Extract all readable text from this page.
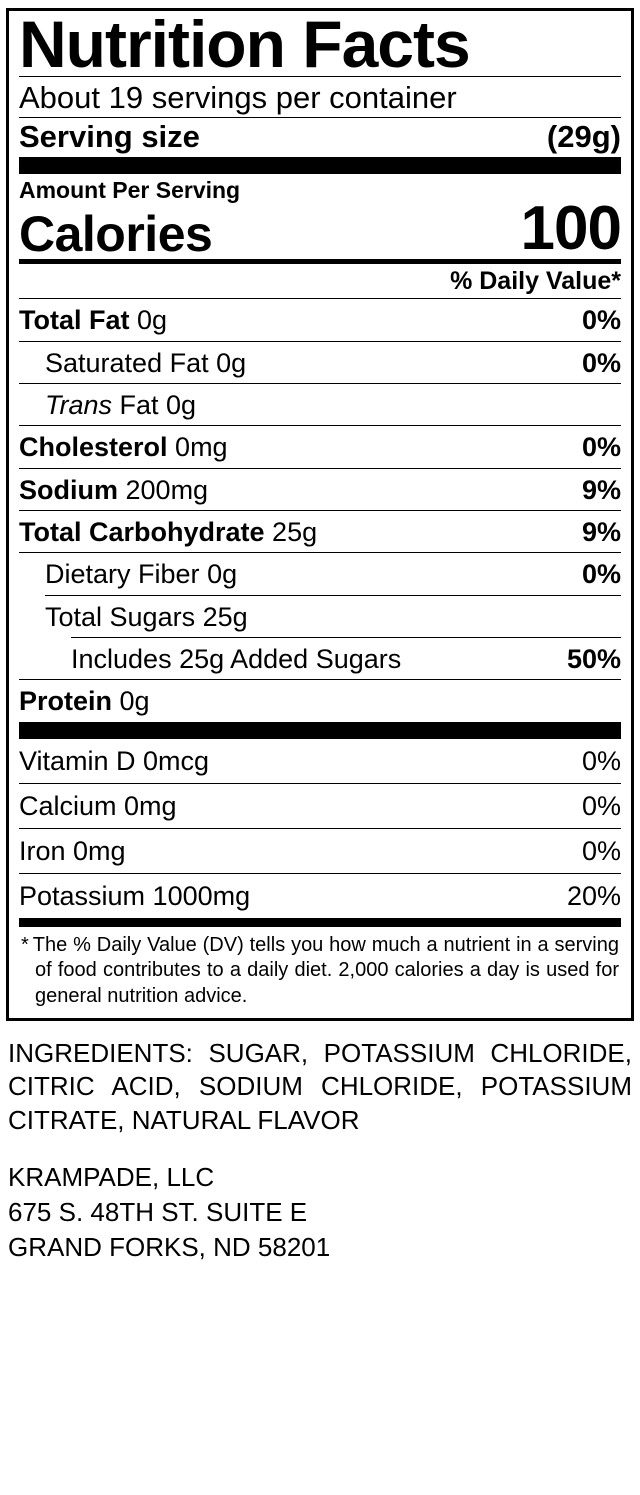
Nutrition Facts
About 19 servings per container
Serving size	(29g)
Amount Per Serving
Calories	100
% Daily Value*
Total Fat 0g	0%
Saturated Fat 0g	0%
Trans Fat 0g
Cholesterol 0mg	0%
Sodium 200mg	9%
Total Carbohydrate 25g	9%
Dietary Fiber 0g	0%
Total Sugars 25g
Includes 25g Added Sugars	50%
Protein 0g
Vitamin D 0mcg	0%
Calcium 0mg	0%
Iron 0mg	0%
Potassium 1000mg	20%
* The % Daily Value (DV) tells you how much a nutrient in a serving of food contributes to a daily diet. 2,000 calories a day is used for general nutrition advice.
INGREDIENTS: SUGAR, POTASSIUM CHLORIDE, CITRIC ACID, SODIUM CHLORIDE, POTASSIUM CITRATE, NATURAL FLAVOR
KRAMPADE, LLC
675 S. 48TH ST. SUITE E
GRAND FORKS, ND 58201
